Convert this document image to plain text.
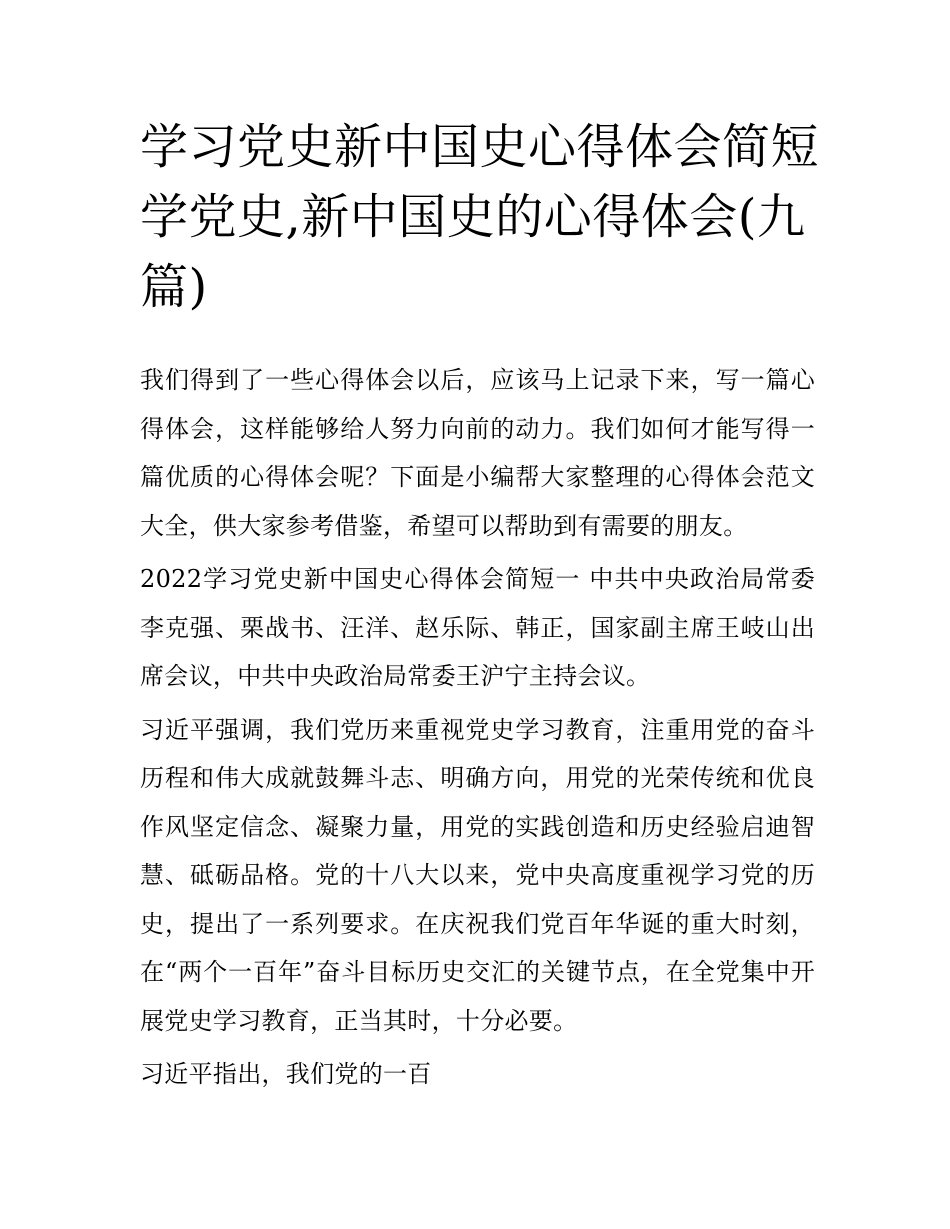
学习党史新中国史心得体会简短 学党史,新中国史的心得体会(九篇)

我们得到了一些心得体会以后，应该马上记录下来，写一篇心得体会，这样能够给人努力向前的动力。我们如何才能写得一篇优质的心得体会呢？下面是小编帮大家整理的心得体会范文大全，供大家参考借鉴，希望可以帮助到有需要的朋友。

2022学习党史新中国史心得体会简短一 中共中央政治局常委李克强、栗战书、汪洋、赵乐际、韩正，国家副主席王岐山出席会议，中共中央政治局常委王沪宁主持会议。

习近平强调，我们党历来重视党史学习教育，注重用党的奋斗历程和伟大成就鼓舞斗志、明确方向，用党的光荣传统和优良作风坚定信念、凝聚力量，用党的实践创造和历史经验启迪智慧、砥砺品格。党的十八大以来，党中央高度重视学习党的历史，提出了一系列要求。在庆祝我们党百年华诞的重大时刻，在“两个一百年”奋斗目标历史交汇的关键节点，在全党集中开展党史学习教育，正当其时，十分必要。

习近平指出，我们党的一百
